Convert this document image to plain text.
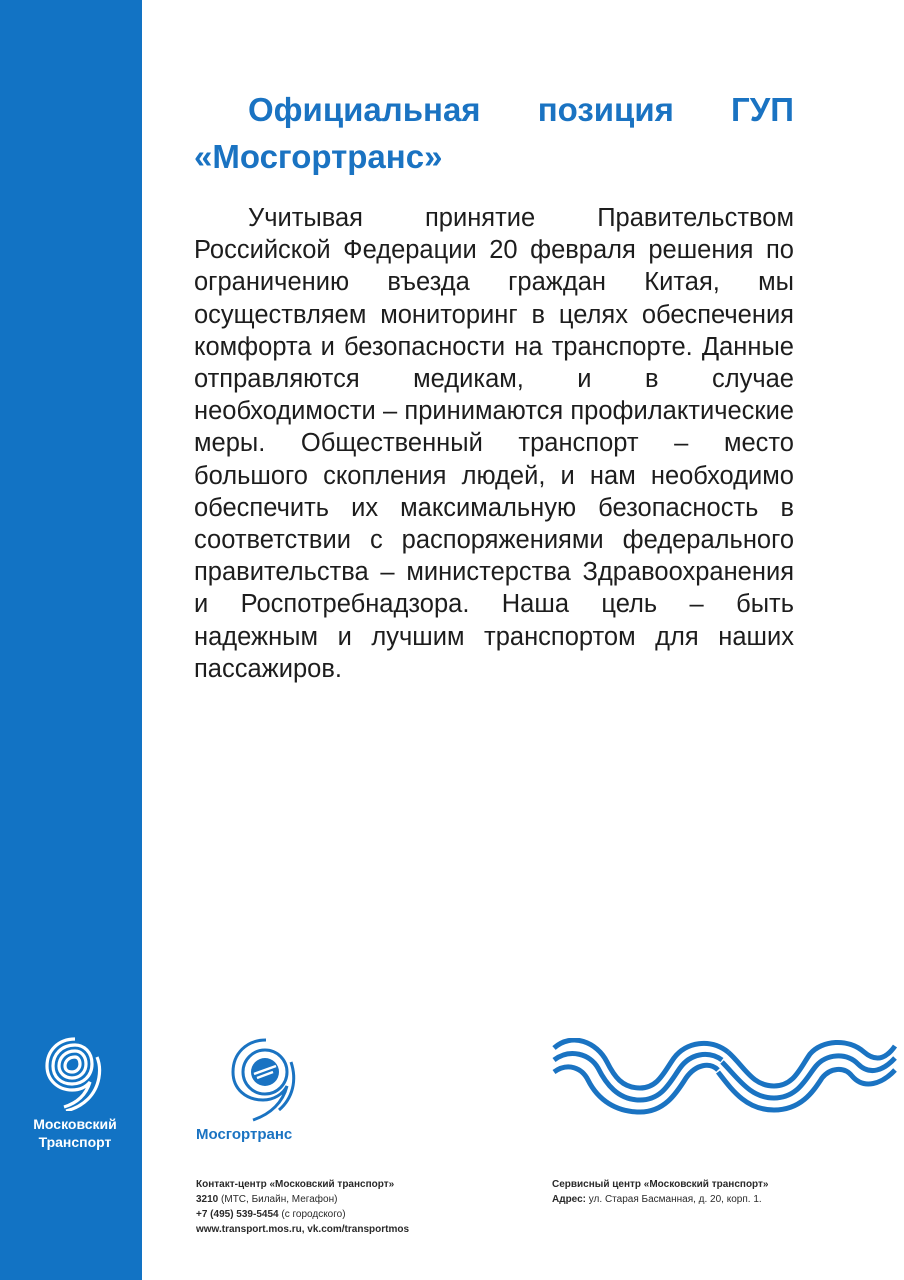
Московский
Транспорт
Официальная позиция ГУП
«Мосгортранс»

Учитывая принятие Правительством Российской Федерации 20 февраля решения по ограничению въезда граждан Китая, мы осуществляем мониторинг в целях обеспечения комфорта и безопасности на транспорте. Данные отправляются медикам, и в случае необходимости – принимаются профилактические меры. Общественный транспорт – место большого скопления людей, и нам необходимо обеспечить их максимальную безопасность в соответствии с распоряжениями федерального правительства – министерства Здравоохранения и Роспотребнадзора. Наша цель – быть надежным и лучшим транспортом для наших пассажиров.

Мосгортранс
Контакт-центр «Московский транспорт»
3210 (МТС, Билайн, Мегафон)
+7 (495) 539-5454 (с городского)
www.transport.mos.ru, vk.com/transportmos
Сервисный центр «Московский транспорт»
Адрес: ул. Старая Басманная, д. 20, корп. 1.
